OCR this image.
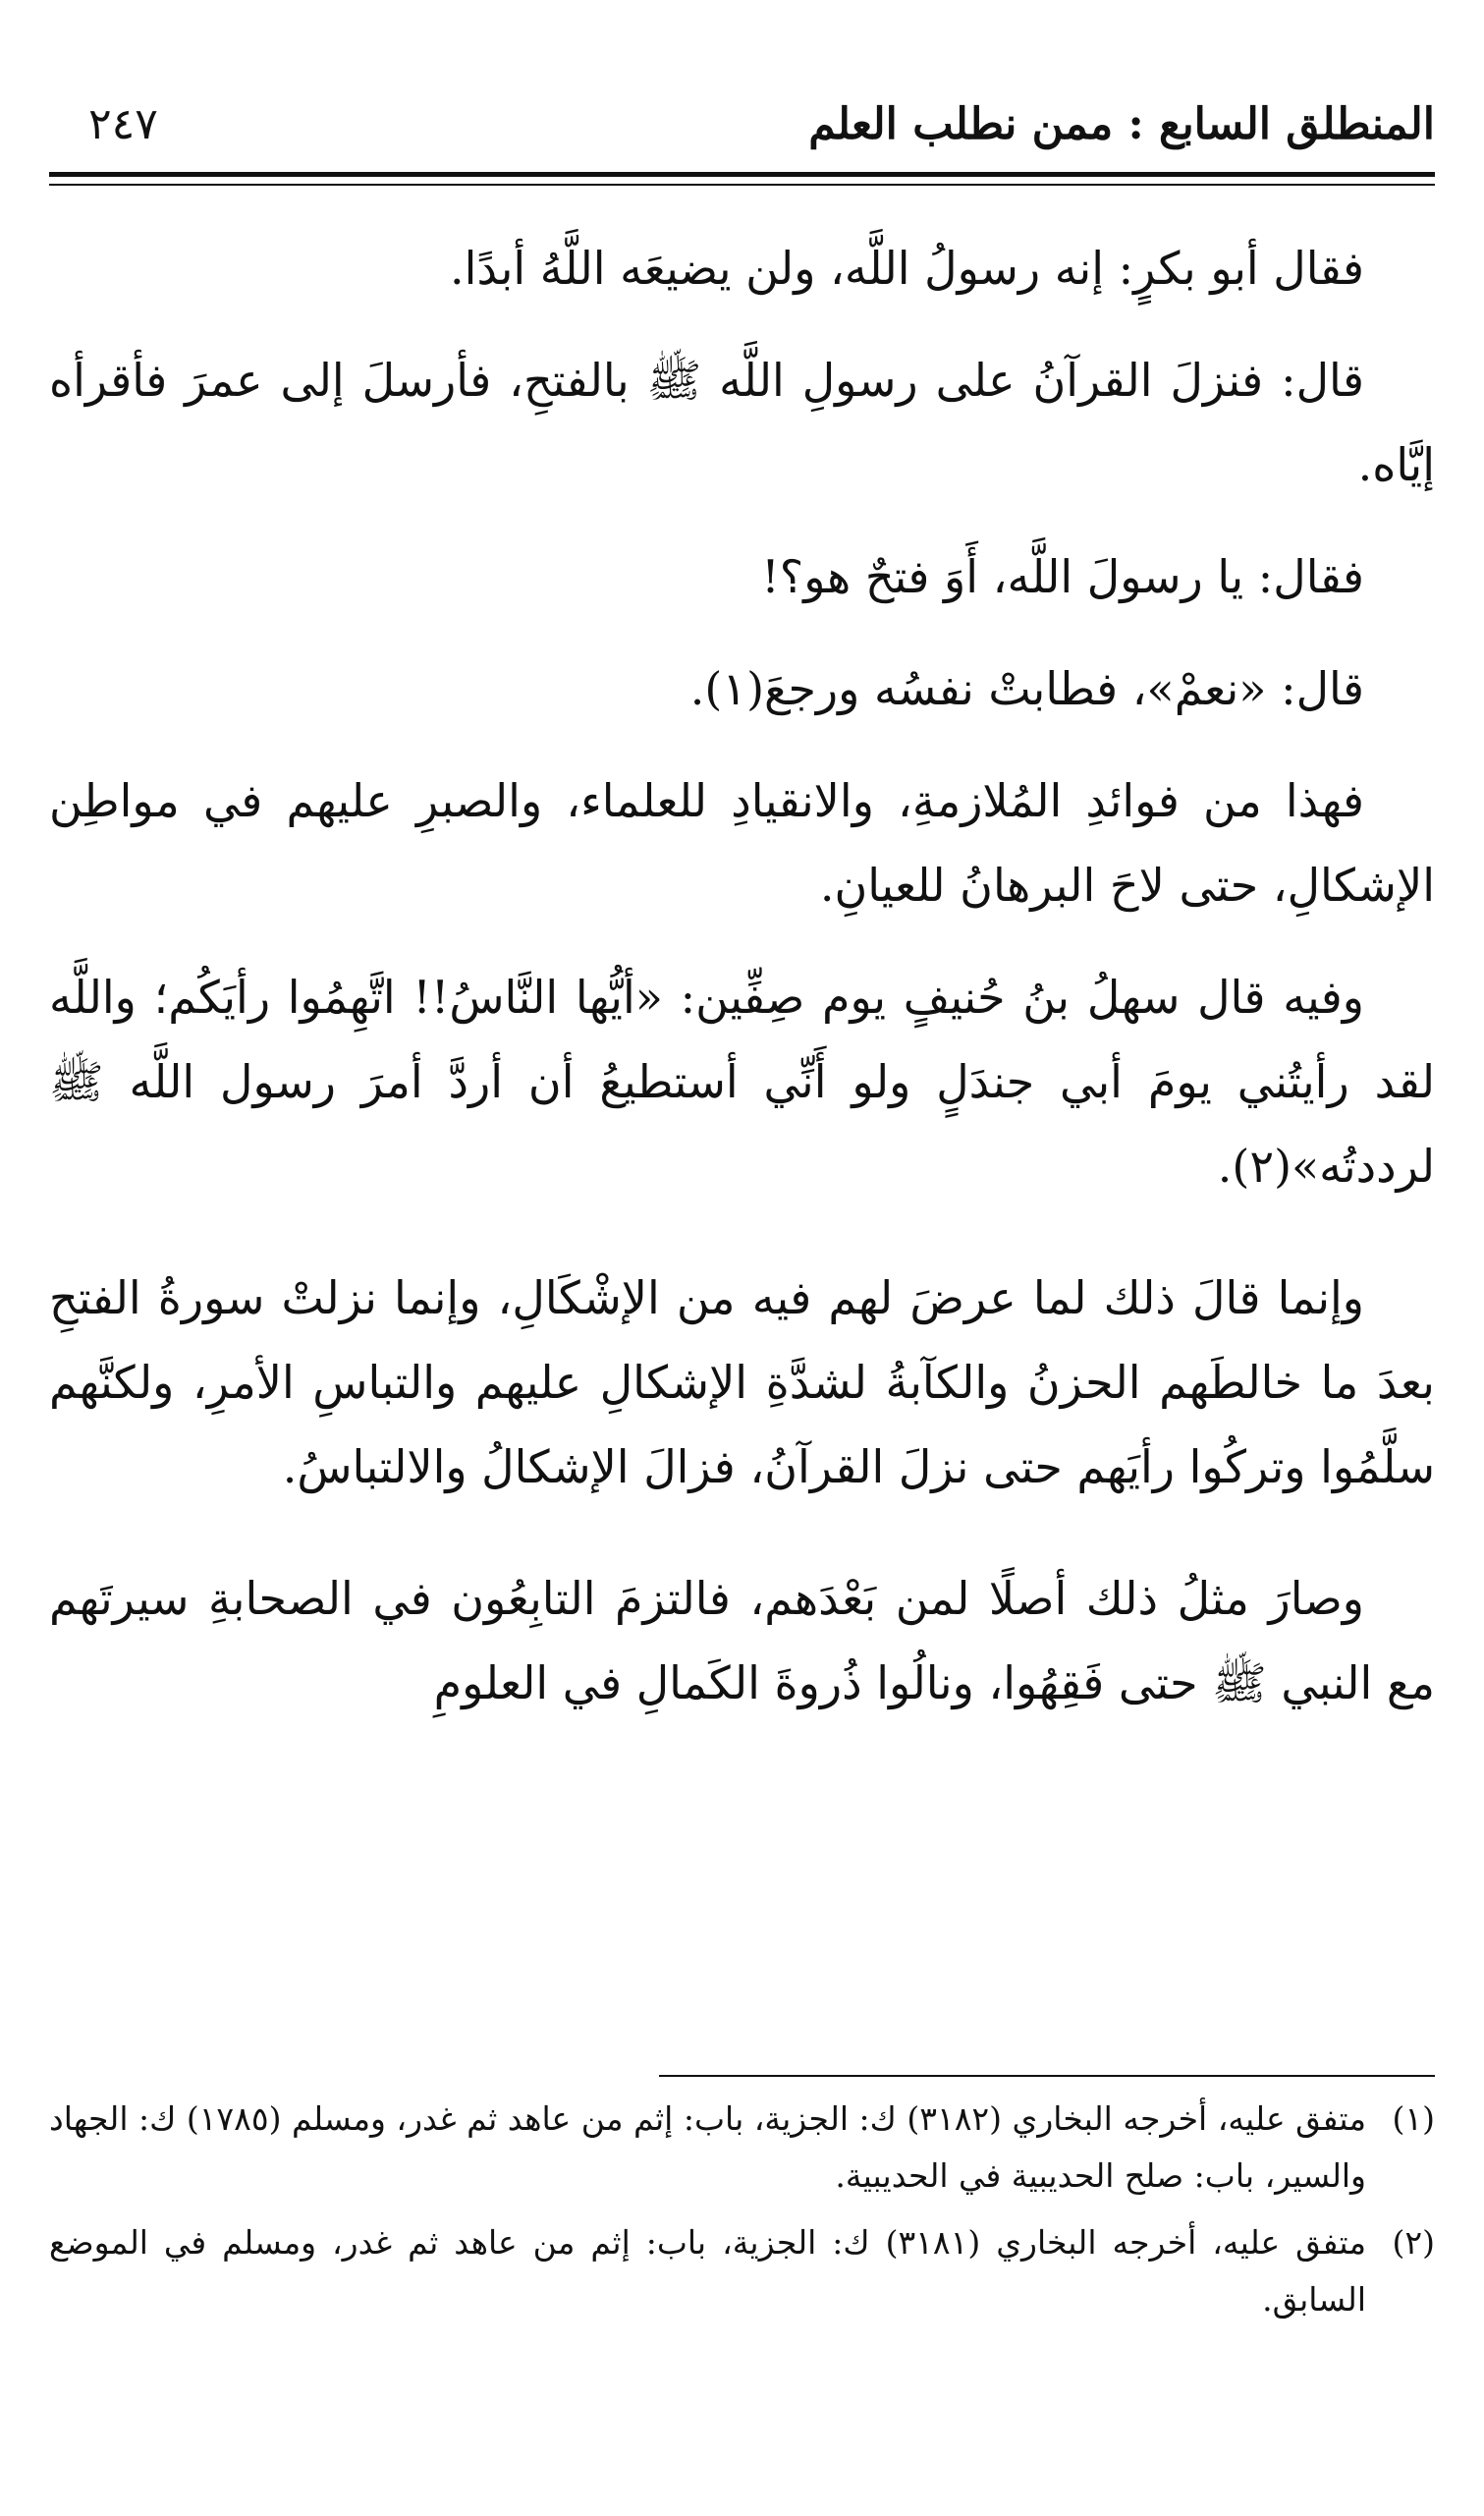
المنطلق السابع : ممن نطلب العلم
٢٤٧

فقال أبو بكرٍ: إنه رسولُ اللَّه، ولن يضيعَه اللَّهُ أبدًا.

قال: فنزلَ القرآنُ على رسولِ اللَّه ﷺ بالفتحِ، فأرسلَ إلى عمرَ فأقرأه إيَّاه.

فقال: يا رسولَ اللَّه، أَوَ فتحٌ هو؟!

قال: «نعمْ»، فطابتْ نفسُه ورجعَ(١).

فهذا من فوائدِ المُلازمةِ، والانقيادِ للعلماء، والصبرِ عليهم في مواطِن الإشكالِ، حتى لاحَ البرهانُ للعيانِ.

وفيه قال سهلُ بنُ حُنيفٍ يوم صِفِّين: «أيُّها النَّاسُ!! اتَّهِمُوا رأيَكُم؛ واللَّه لقد رأيتُني يومَ أبي جندَلٍ ولو أَنِّي أستطيعُ أن أردَّ أمرَ رسول اللَّه ﷺ لرددتُه»(٢).

وإنما قالَ ذلك لما عرضَ لهم فيه من الإشْكَالِ، وإنما نزلتْ سورةُ الفتحِ بعدَ ما خالطَهم الحزنُ والكآبةُ لشدَّةِ الإشكالِ عليهم والتباسِ الأمرِ، ولكنَّهم سلَّمُوا وتركُوا رأيَهم حتى نزلَ القرآنُ، فزالَ الإشكالُ والالتباسُ.

وصارَ مثلُ ذلك أصلًا لمن بَعْدَهم، فالتزمَ التابِعُون في الصحابةِ سيرتَهم مع النبي ﷺ حتى فَقِهُوا، ونالُوا ذُروةَ الكَمالِ في العلومِ

(١)
متفق عليه، أخرجه البخاري (٣١٨٢) ك: الجزية، باب: إثم من عاهد ثم غدر، ومسلم (١٧٨٥) ك: الجهاد والسير، باب: صلح الحديبية في الحديبية.
(٢)
متفق عليه، أخرجه البخاري (٣١٨١) ك: الجزية، باب: إثم من عاهد ثم غدر، ومسلم في الموضع السابق.
